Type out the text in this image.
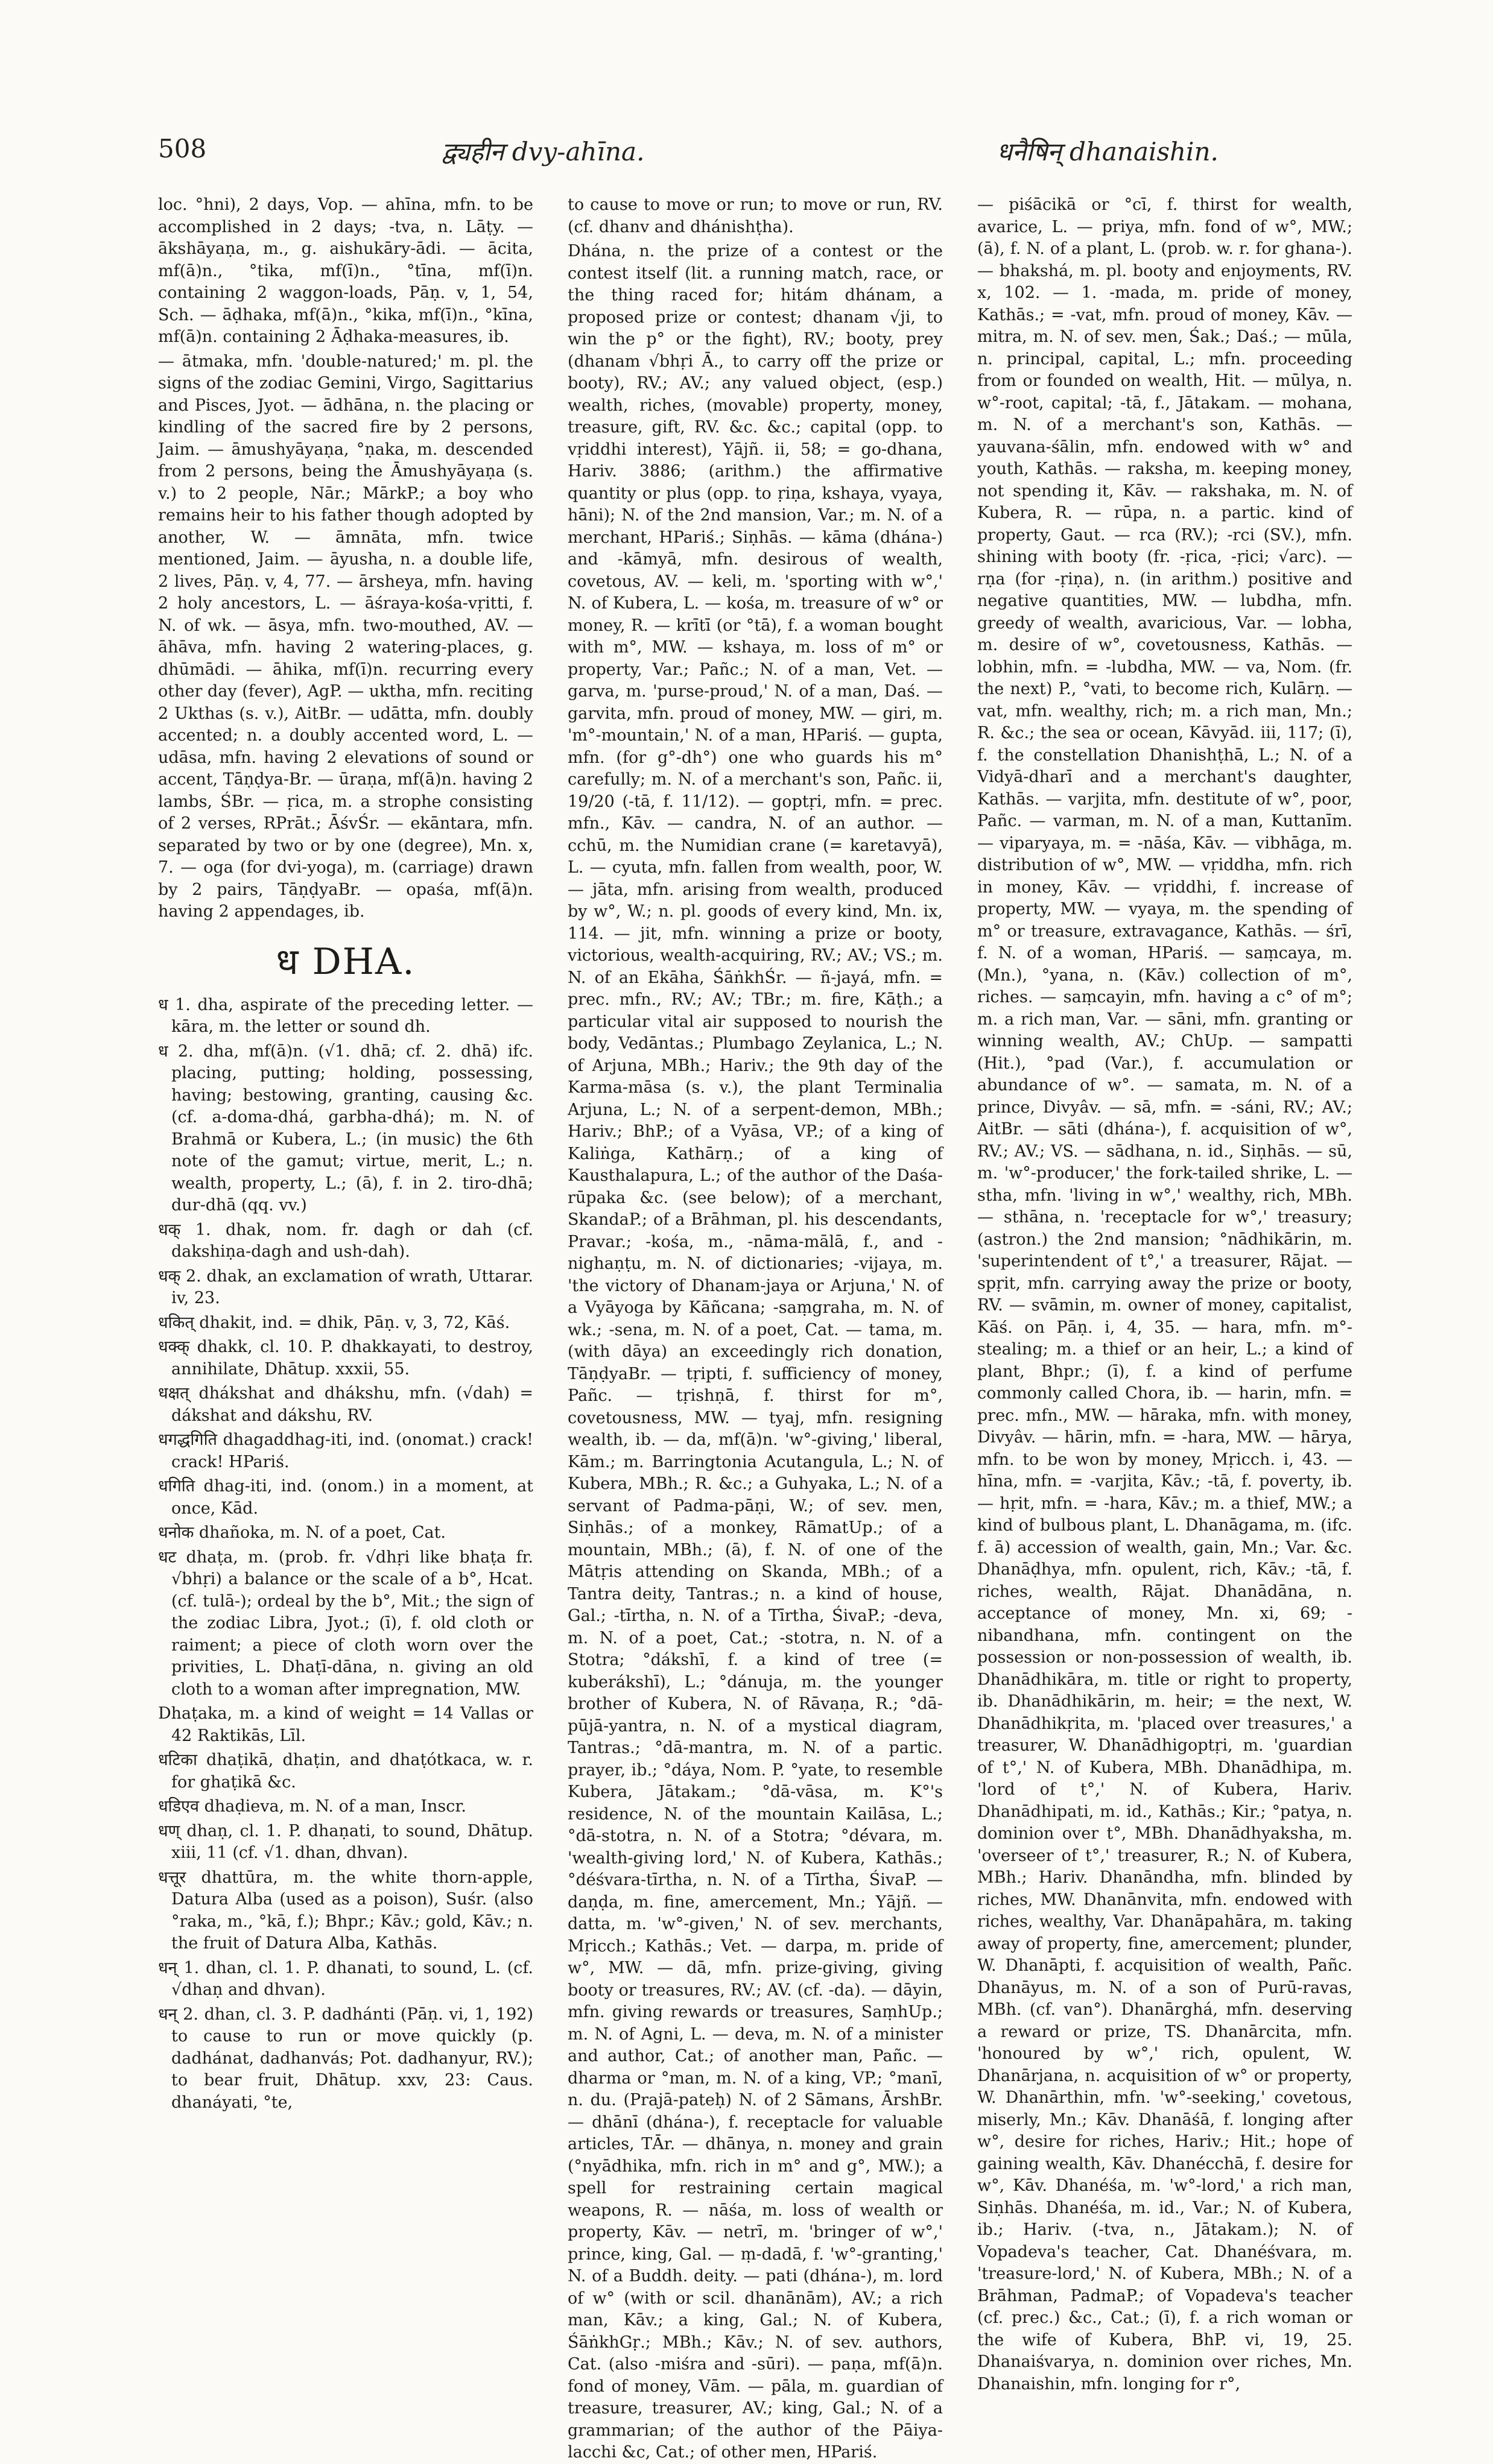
508	द्व्यहीन dvy-ahīna.	धनैषिन् dhanaishin.

loc. °hni), 2 days, Vop. — ahīna, mfn. to be accomplished in 2 days; -tva, n. Lāṭy. — ākshāyaṇa, m., g. aishukāry-ādi. — ācita, mf(ā)n., °tika, mf(ī)n., °tīna, mf(ī)n. containing 2 waggon-loads, Pāṇ. v, 1, 54, Sch. — āḍhaka, mf(ā)n., °kika, mf(ī)n., °kīna, mf(ā)n. containing 2 Āḍhaka-measures, ib.

— ātmaka, mfn. 'double-natured;' m. pl. the signs of the zodiac Gemini, Virgo, Sagittarius and Pisces, Jyot. — ādhāna, n. the placing or kindling of the sacred fire by 2 persons, Jaim. — āmushyāyaṇa, °ṇaka, m. descended from 2 persons, being the Āmushyāyaṇa (s. v.) to 2 people, Nār.; MārkP.; a boy who remains heir to his father though adopted by another, W. — āmnāta, mfn. twice mentioned, Jaim. — āyusha, n. a double life, 2 lives, Pāṇ. v, 4, 77. — ārsheya, mfn. having 2 holy ancestors, L. — āśraya-kośa-vṛitti, f. N. of wk. — āsya, mfn. two-mouthed, AV. — āhāva, mfn. having 2 watering-places, g. dhūmādi. — āhika, mf(ī)n. recurring every other day (fever), AgP. — uktha, mfn. reciting 2 Ukthas (s. v.), AitBr. — udātta, mfn. doubly accented; n. a doubly accented word, L. — udāsa, mfn. having 2 elevations of sound or accent, Tāṇḍya-Br. — ūraṇa, mf(ā)n. having 2 lambs, ŚBr. — ṛica, m. a strophe consisting of 2 verses, RPrāt.; ĀśvŚr. — ekāntara, mfn. separated by two or by one (degree), Mn. x, 7. — oga (for dvi-yoga), m. (carriage) drawn by 2 pairs, TāṇḍyaBr. — opaśa, mf(ā)n. having 2 appendages, ib.

ध DHA.

ध 1. dha, aspirate of the preceding letter. — kāra, m. the letter or sound dh.

ध 2. dha, mf(ā)n. (√1. dhā; cf. 2. dhā) ifc. placing, putting; holding, possessing, having; bestowing, granting, causing &c. (cf. a-doma-dhá, garbha-dhá); m. N. of Brahmā or Kubera, L.; (in music) the 6th note of the gamut; virtue, merit, L.; n. wealth, property, L.; (ā), f. in 2. tiro-dhā; dur-dhā (qq. vv.)

धक् 1. dhak, nom. fr. dagh or dah (cf. dakshiṇa-dagh and ush-dah).

धक् 2. dhak, an exclamation of wrath, Uttarar. iv, 23.

धकित् dhakit, ind. = dhik, Pāṇ. v, 3, 72, Kāś.

धक्क् dhakk, cl. 10. P. dhakkayati, to destroy, annihilate, Dhātup. xxxii, 55.

धक्षत् dhákshat and dhákshu, mfn. (√dah) = dákshat and dákshu, RV.

धगद्धगिति dhagaddhag-iti, ind. (onomat.) crack! crack! HPariś.

धगिति dhag-iti, ind. (onom.) in a moment, at once, Kād.

धनोक dhañoka, m. N. of a poet, Cat.

धट dhaṭa, m. (prob. fr. √dhṛi like bhaṭa fr. √bhṛi) a balance or the scale of a b°, Hcat. (cf. tulā-); ordeal by the b°, Mit.; the sign of the zodiac Libra, Jyot.; (ī), f. old cloth or raiment; a piece of cloth worn over the privities, L. Dhaṭī-dāna, n. giving an old cloth to a woman after impregnation, MW.

Dhaṭaka, m. a kind of weight = 14 Vallas or 42 Raktikās, Līl.

धटिका dhaṭikā, dhaṭin, and dhaṭótkaca, w. r. for ghaṭikā &c.

धडिएव dhaḍieva, m. N. of a man, Inscr.

धण् dhaṇ, cl. 1. P. dhaṇati, to sound, Dhātup. xiii, 11 (cf. √1. dhan, dhvan).

धत्तूर dhattūra, m. the white thorn-apple, Datura Alba (used as a poison), Suśr. (also °raka, m., °kā, f.); Bhpr.; Kāv.; gold, Kāv.; n. the fruit of Datura Alba, Kathās.

धन् 1. dhan, cl. 1. P. dhanati, to sound, L. (cf. √dhaṇ and dhvan).

धन् 2. dhan, cl. 3. P. dadhánti (Pāṇ. vi, 1, 192) to cause to run or move quickly (p. dadhánat, dadhanvás; Pot. dadhanyur, RV.); to bear fruit, Dhātup. xxv, 23: Caus. dhanáyati, °te,

to cause to move or run; to move or run, RV. (cf. dhanv and dhánishṭha).

Dhána, n. the prize of a contest or the contest itself (lit. a running match, race, or the thing raced for; hitám dhánam, a proposed prize or contest; dhanam √ji, to win the p° or the fight), RV.; booty, prey (dhanam √bhṛi Ā., to carry off the prize or booty), RV.; AV.; any valued object, (esp.) wealth, riches, (movable) property, money, treasure, gift, RV. &c. &c.; capital (opp. to vṛiddhi interest), Yājñ. ii, 58; = go-dhana, Hariv. 3886; (arithm.) the affirmative quantity or plus (opp. to ṛiṇa, kshaya, vyaya, hāni); N. of the 2nd mansion, Var.; m. N. of a merchant, HPariś.; Siṇhās. — kāma (dhána-) and -kāmyā, mfn. desirous of wealth, covetous, AV. — keli, m. 'sporting with w°,' N. of Kubera, L. — kośa, m. treasure of w° or money, R. — krītī (or °tā), f. a woman bought with m°, MW. — kshaya, m. loss of m° or property, Var.; Pañc.; N. of a man, Vet. — garva, m. 'purse-proud,' N. of a man, Daś. — garvita, mfn. proud of money, MW. — giri, m. 'm°-mountain,' N. of a man, HPariś. — gupta, mfn. (for g°-dh°) one who guards his m° carefully; m. N. of a merchant's son, Pañc. ii, 19/20 (-tā, f. 11/12). — goptṛi, mfn. = prec. mfn., Kāv. — candra, N. of an author. — cchū, m. the Numidian crane (= karetavyā), L. — cyuta, mfn. fallen from wealth, poor, W. — jāta, mfn. arising from wealth, produced by w°, W.; n. pl. goods of every kind, Mn. ix, 114. — jit, mfn. winning a prize or booty, victorious, wealth-acquiring, RV.; AV.; VS.; m. N. of an Ekāha, ŚāṅkhŚr. — ñ-jayá, mfn. = prec. mfn., RV.; AV.; TBr.; m. fire, Kāṭh.; a particular vital air supposed to nourish the body, Vedāntas.; Plumbago Zeylanica, L.; N. of Arjuna, MBh.; Hariv.; the 9th day of the Karma-māsa (s. v.), the plant Terminalia Arjuna, L.; N. of a serpent-demon, MBh.; Hariv.; BhP.; of a Vyāsa, VP.; of a king of Kaliṅga, Kathārṇ.; of a king of Kausthalapura, L.; of the author of the Daśa-rūpaka &c. (see below); of a merchant, SkandaP.; of a Brāhman, pl. his descendants, Pravar.; -kośa, m., -nāma-mālā, f., and -nighaṇṭu, m. N. of dictionaries; -vijaya, m. 'the victory of Dhanam-jaya or Arjuna,' N. of a Vyāyoga by Kāñcana; -saṃgraha, m. N. of wk.; -sena, m. N. of a poet, Cat. — tama, m. (with dāya) an exceedingly rich donation, TāṇḍyaBr. — tṛipti, f. sufficiency of money, Pañc. — tṛishṇā, f. thirst for m°, covetousness, MW. — tyaj, mfn. resigning wealth, ib. — da, mf(ā)n. 'w°-giving,' liberal, Kām.; m. Barringtonia Acutangula, L.; N. of Kubera, MBh.; R. &c.; a Guhyaka, L.; N. of a servant of Padma-pāṇi, W.; of sev. men, Siṇhās.; of a monkey, RāmatUp.; of a mountain, MBh.; (ā), f. N. of one of the Mātṛis attending on Skanda, MBh.; of a Tantra deity, Tantras.; n. a kind of house, Gal.; -tīrtha, n. N. of a Tīrtha, ŚivaP.; -deva, m. N. of a poet, Cat.; -stotra, n. N. of a Stotra; °dákshī, f. a kind of tree (= kuberákshī), L.; °dánuja, m. the younger brother of Kubera, N. of Rāvaṇa, R.; °dā-pūjā-yantra, n. N. of a mystical diagram, Tantras.; °dā-mantra, m. N. of a partic. prayer, ib.; °dáya, Nom. P. °yate, to resemble Kubera, Jātakam.; °dā-vāsa, m. K°'s residence, N. of the mountain Kailāsa, L.; °dā-stotra, n. N. of a Stotra; °dé́vara, m. 'wealth-giving lord,' N. of Kubera, Kathās.; °déśvara-tīrtha, n. N. of a Tīrtha, ŚivaP. — daṇḍa, m. fine, amercement, Mn.; Yājñ. — datta, m. 'w°-given,' N. of sev. merchants, Mṛicch.; Kathās.; Vet. — darpa, m. pride of w°, MW. — dā, mfn. prize-giving, giving booty or treasures, RV.; AV. (cf. -da). — dāyin, mfn. giving rewards or treasures, SaṃhUp.; m. N. of Agni, L. — deva, m. N. of a minister and author, Cat.; of another man, Pañc. — dharma or °man, m. N. of a king, VP.; °manī, n. du. (Prajā-pateḥ) N. of 2 Sāmans, ĀrshBr. — dhānī (dhána-), f. receptacle for valuable articles, TĀr. — dhānya, n. money and grain (°nyādhika, mfn. rich in m° and g°, MW.); a spell for restraining certain magical weapons, R. — nāśa, m. loss of wealth or property, Kāv. — netrī, m. 'bringer of w°,' prince, king, Gal. — ṃ-dadā, f. 'w°-granting,' N. of a Buddh. deity. — pati (dhána-), m. lord of w° (with or scil. dhanānām), AV.; a rich man, Kāv.; a king, Gal.; N. of Kubera, ŚāṅkhGṛ.; MBh.; Kāv.; N. of sev. authors, Cat. (also -miśra and -sūri). — paṇa, mf(ā)n. fond of money, Vām. — pāla, m. guardian of treasure, treasurer, AV.; king, Gal.; N. of a grammarian; of the author of the Pāiya-lacchi &c, Cat.; of other men, HPariś.

— piśācikā or °cī, f. thirst for wealth, avarice, L. — priya, mfn. fond of w°, MW.; (ā), f. N. of a plant, L. (prob. w. r. for ghana-). — bhakshá, m. pl. booty and enjoyments, RV. x, 102. — 1. -mada, m. pride of money, Kathās.; = -vat, mfn. proud of money, Kāv. — mitra, m. N. of sev. men, Śak.; Daś.; — mūla, n. principal, capital, L.; mfn. proceeding from or founded on wealth, Hit. — mūlya, n. w°-root, capital; -tā, f., Jātakam. — mohana, m. N. of a merchant's son, Kathās. — yauvana-śālin, mfn. endowed with w° and youth, Kathās. — raksha, m. keeping money, not spending it, Kāv. — rakshaka, m. N. of Kubera, R. — rūpa, n. a partic. kind of property, Gaut. — rca (RV.); -rci (SV.), mfn. shining with booty (fr. -ṛica, -ṛici; √arc). — rṇa (for -ṛiṇa), n. (in arithm.) positive and negative quantities, MW. — lubdha, mfn. greedy of wealth, avaricious, Var. — lobha, m. desire of w°, covetousness, Kathās. — lobhin, mfn. = -lubdha, MW. — va, Nom. (fr. the next) P., °vati, to become rich, Kulārṇ. — vat, mfn. wealthy, rich; m. a rich man, Mn.; R. &c.; the sea or ocean, Kāvyād. iii, 117; (ī), f. the constellation Dhanishṭhā, L.; N. of a Vidyā-dharī and a merchant's daughter, Kathās. — varjita, mfn. destitute of w°, poor, Pañc. — varman, m. N. of a man, Kuttanīm. — viparyaya, m. = -nāśa, Kāv. — vibhāga, m. distribution of w°, MW. — vṛiddha, mfn. rich in money, Kāv. — vṛiddhi, f. increase of property, MW. — vyaya, m. the spending of m° or treasure, extravagance, Kathās. — śrī, f. N. of a woman, HPariś. — saṃcaya, m. (Mn.), °yana, n. (Kāv.) collection of m°, riches. — saṃcayin, mfn. having a c° of m°; m. a rich man, Var. — sāni, mfn. granting or winning wealth, AV.; ChUp. — sampatti (Hit.), °pad (Var.), f. accumulation or abundance of w°. — samata, m. N. of a prince, Divyâv. — sā, mfn. = -sáni, RV.; AV.; AitBr. — sāti (dhána-), f. acquisition of w°, RV.; AV.; VS. — sādhana, n. id., Siṇhās. — sū, m. 'w°-producer,' the fork-tailed shrike, L. — stha, mfn. 'living in w°,' wealthy, rich, MBh. — sthāna, n. 'receptacle for w°,' treasury; (astron.) the 2nd mansion; °nādhikārin, m. 'superintendent of t°,' a treasurer, Rājat. — spṛit, mfn. carrying away the prize or booty, RV. — svāmin, m. owner of money, capitalist, Kāś. on Pāṇ. i, 4, 35. — hara, mfn. m°-stealing; m. a thief or an heir, L.; a kind of plant, Bhpr.; (ī), f. a kind of perfume commonly called Chora, ib. — harin, mfn. = prec. mfn., MW. — hāraka, mfn. with money, Divyâv. — hārin, mfn. = -hara, MW. — hārya, mfn. to be won by money, Mṛicch. i, 43. — hīna, mfn. = -varjita, Kāv.; -tā, f. poverty, ib. — hṛit, mfn. = -hara, Kāv.; m. a thief, MW.; a kind of bulbous plant, L. Dhanāgama, m. (ifc. f. ā) accession of wealth, gain, Mn.; Var. &c. Dhanāḍhya, mfn. opulent, rich, Kāv.; -tā, f. riches, wealth, Rājat. Dhanādāna, n. acceptance of money, Mn. xi, 69; -nibandhana, mfn. contingent on the possession or non-possession of wealth, ib. Dhanādhikāra, m. title or right to property, ib. Dhanādhikārin, m. heir; = the next, W. Dhanādhikṛita, m. 'placed over treasures,' a treasurer, W. Dhanādhigoptṛi, m. 'guardian of t°,' N. of Kubera, MBh. Dhanādhipa, m. 'lord of t°,' N. of Kubera, Hariv. Dhanādhipati, m. id., Kathās.; Kir.; °patya, n. dominion over t°, MBh. Dhanādhyaksha, m. 'overseer of t°,' treasurer, R.; N. of Kubera, MBh.; Hariv. Dhanāndha, mfn. blinded by riches, MW. Dhanānvita, mfn. endowed with riches, wealthy, Var. Dhanāpahāra, m. taking away of property, fine, amercement; plunder, W. Dhanāpti, f. acquisition of wealth, Pañc. Dhanāyus, m. N. of a son of Purū-ravas, MBh. (cf. van°). Dhanārghá, mfn. deserving a reward or prize, TS. Dhanārcita, mfn. 'honoured by w°,' rich, opulent, W. Dhanārjana, n. acquisition of w° or property, W. Dhanārthin, mfn. 'w°-seeking,' covetous, miserly, Mn.; Kāv. Dhanāśā, f. longing after w°, desire for riches, Hariv.; Hit.; hope of gaining wealth, Kāv. Dhanécchā, f. desire for w°, Kāv. Dhanéśa, m. 'w°-lord,' a rich man, Siṇhās. Dhanéśa, m. id., Var.; N. of Kubera, ib.; Hariv. (-tva, n., Jātakam.); N. of Vopadeva's teacher, Cat. Dhanéśvara, m. 'treasure-lord,' N. of Kubera, MBh.; N. of a Brāhman, PadmaP.; of Vopadeva's teacher (cf. prec.) &c., Cat.; (ī), f. a rich woman or the wife of Kubera, BhP. vi, 19, 25. Dhanaiśvarya, n. dominion over riches, Mn. Dhanaishin, mfn. longing for r°,
